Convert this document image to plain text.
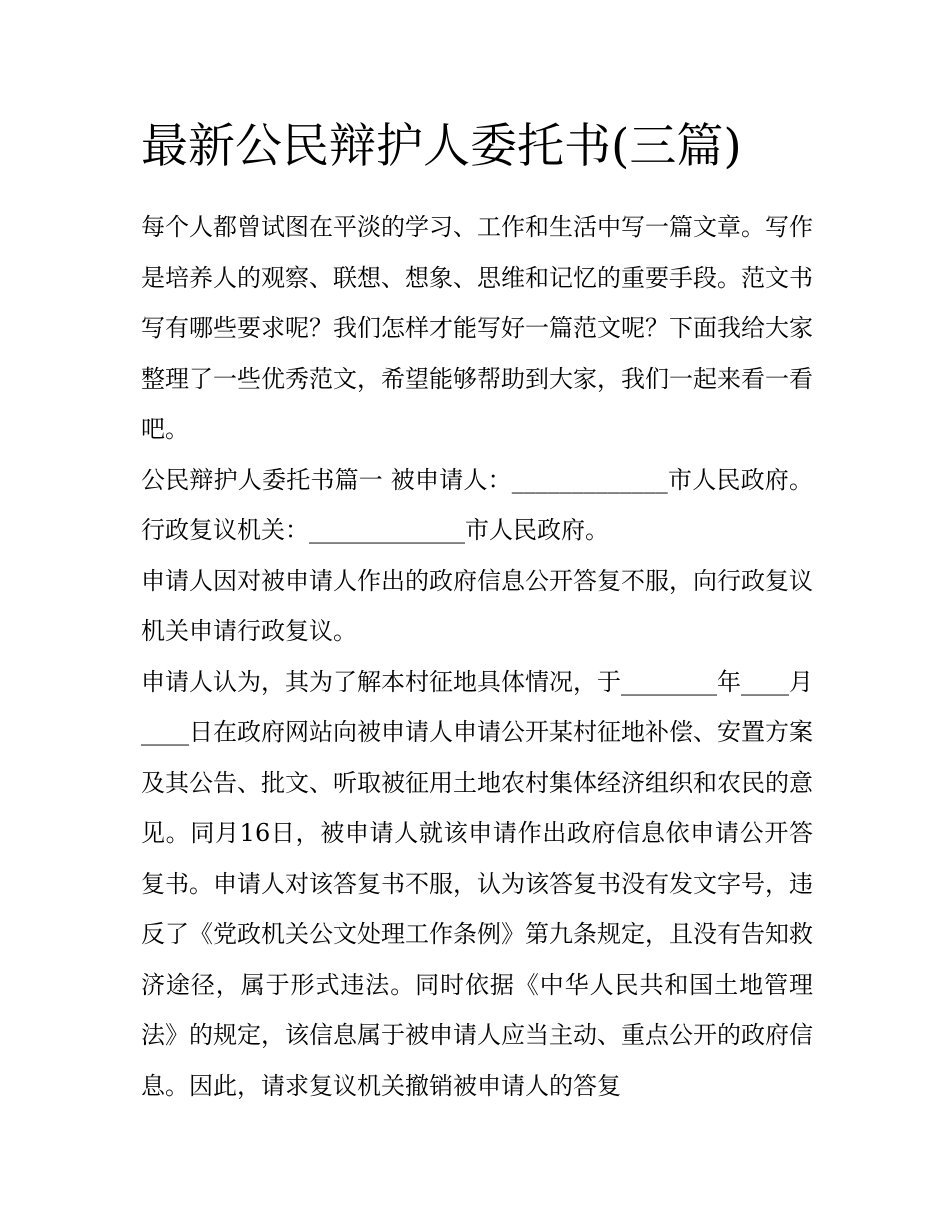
最新公民辩护人委托书(三篇)

每个人都曾试图在平淡的学习、工作和生活中写一篇文章。写作是培养人的观察、联想、想象、思维和记忆的重要手段。范文书写有哪些要求呢？我们怎样才能写好一篇范文呢？下面我给大家整理了一些优秀范文，希望能够帮助到大家，我们一起来看一看吧。

公民辩护人委托书篇一 被申请人：_____________市人民政府。 行政复议机关：_____________市人民政府。

申请人因对被申请人作出的政府信息公开答复不服，向行政复议机关申请行政复议。

申请人认为，其为了解本村征地具体情况，于________年____月____日在政府网站向被申请人申请公开某村征地补偿、安置方案及其公告、批文、听取被征用土地农村集体经济组织和农民的意见。同月16日，被申请人就该申请作出政府信息依申请公开答复书。申请人对该答复书不服，认为该答复书没有发文字号，违反了《党政机关公文处理工作条例》第九条规定，且没有告知救济途径，属于形式违法。同时依据《中华人民共和国土地管理法》的规定，该信息属于被申请人应当主动、重点公开的政府信息。因此，请求复议机关撤销被申请人的答复
